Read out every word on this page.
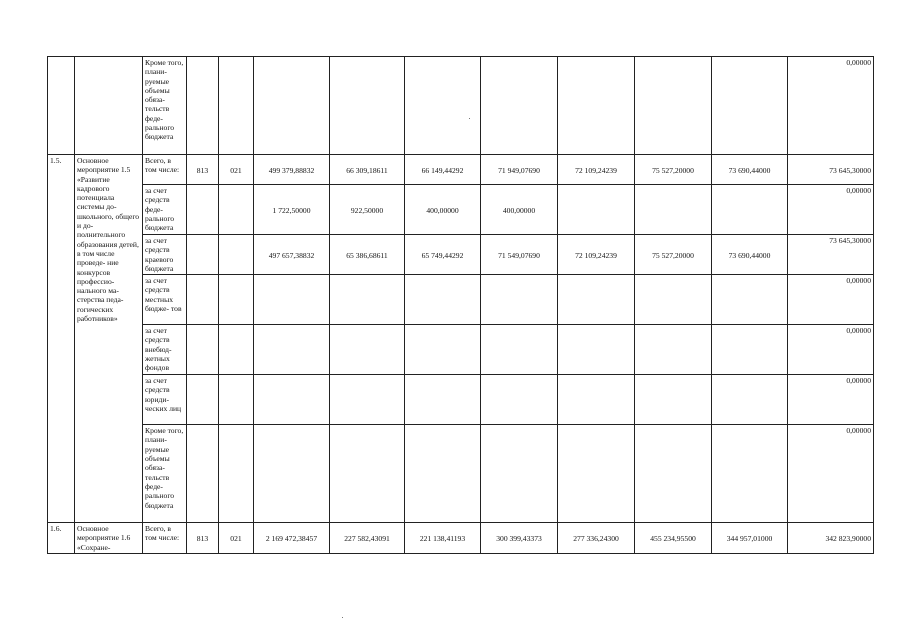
		Кроме того, плани- руемые объемы обяза- тельств феде- рального бюджета										0,00000

1.5.	Основное мероприятие 1.5 «Развитие кадрового потенциала системы до- школьного, общего и до- полнительного образования детей, в том числе проведе- ние конкурсов профессио- нального ма- стерства педа- гогических работников»	Всего, в том числе:	813	021	499 379,88832	66 309,18611	66 149,44292	71 949,07690	72 109,24239	75 527,20000	73 690,44000	73 645,30000

		за счет средств феде- рального бюджета			1 722,50000	922,50000	400,00000	400,00000				0,00000

		за счет средств краевого бюджета			497 657,38832	65 386,68611	65 749,44292	71 549,07690	72 109,24239	75 527,20000	73 690,44000	73 645,30000

		за счет средств местных бюдже- тов										0,00000

		за счет средств внебюд- жетных фондов										0,00000

		за счет средств юриди- ческих лиц										0,00000

		Кроме того, плани- руемые объемы обяза- тельств феде- рального бюджета										0,00000

1.6.	Основное мероприятие 1.6 «Сохране-	Всего, в том числе:	813	021	2 169 472,38457	227 582,43091	221 138,41193	300 399,43373	277 336,24300	455 234,95500	344 957,01000	342 823,90000
